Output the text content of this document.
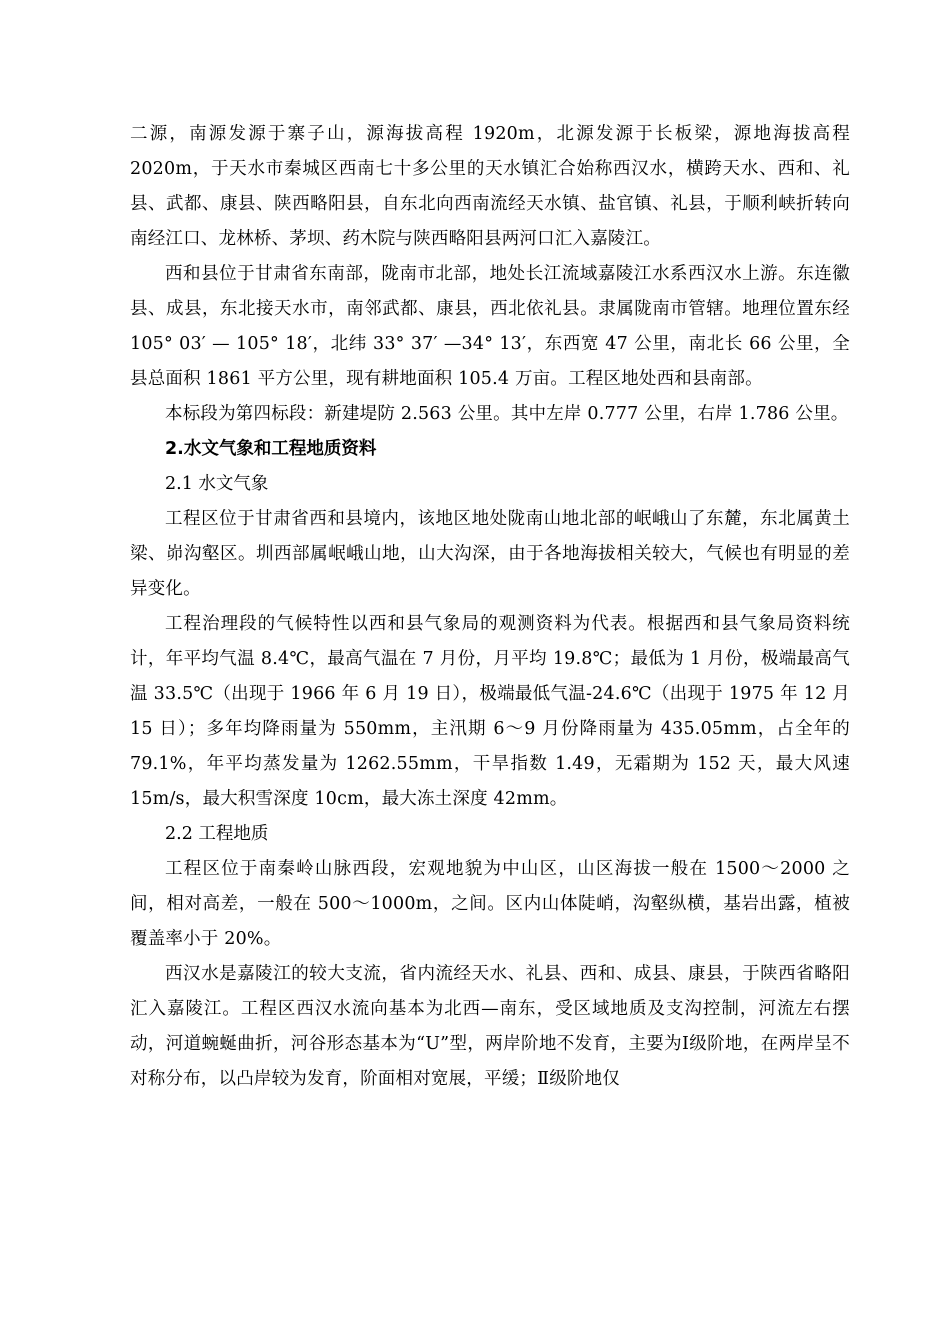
二源，南源发源于寨子山，源海拔高程 1920m，北源发源于长板梁，源地海拔高程 2020m，于天水市秦城区西南七十多公里的天水镇汇合始称西汉水，横跨天水、西和、礼县、武都、康县、陕西略阳县，自东北向西南流经天水镇、盐官镇、礼县，于顺利峡折转向南经江口、龙林桥、茅坝、药木院与陕西略阳县两河口汇入嘉陵江。

西和县位于甘肃省东南部，陇南市北部，地处长江流域嘉陵江水系西汉水上游。东连徽县、成县，东北接天水市，南邻武都、康县，西北依礼县。隶属陇南市管辖。地理位置东经 105° 03′ — 105° 18′，北纬 33° 37′ —34° 13′，东西宽 47 公里，南北长 66 公里，全县总面积 1861 平方公里，现有耕地面积 105.4 万亩。工程区地处西和县南部。

本标段为第四标段：新建堤防 2.563 公里。其中左岸 0.777 公里，右岸 1.786 公里。

2.水文气象和工程地质资料

2.1 水文气象

工程区位于甘肃省西和县境内，该地区地处陇南山地北部的岷峨山了东麓，东北属黄土梁、峁沟壑区。圳西部属岷峨山地，山大沟深，由于各地海拔相关较大，气候也有明显的差异变化。

工程治理段的气候特性以西和县气象局的观测资料为代表。根据西和县气象局资料统计，年平均气温 8.4℃，最高气温在 7 月份，月平均 19.8℃；最低为 1 月份，极端最高气温 33.5℃（出现于 1966 年 6 月 19 日），极端最低气温-24.6℃（出现于 1975 年 12 月 15 日）；多年均降雨量为 550mm，主汛期 6～9 月份降雨量为 435.05mm，占全年的 79.1%，年平均蒸发量为 1262.55mm，干旱指数 1.49，无霜期为 152 天，最大风速 15m/s，最大积雪深度 10cm，最大冻土深度 42mm。

2.2 工程地质

工程区位于南秦岭山脉西段，宏观地貌为中山区，山区海拔一般在 1500～2000 之间，相对高差，一般在 500～1000m，之间。区内山体陡峭，沟壑纵横，基岩出露，植被覆盖率小于 20%。

西汉水是嘉陵江的较大支流，省内流经天水、礼县、西和、成县、康县，于陕西省略阳汇入嘉陵江。工程区西汉水流向基本为北西—南东，受区域地质及支沟控制，河流左右摆动，河道蜿蜒曲折，河谷形态基本为“U”型，两岸阶地不发育，主要为Ⅰ级阶地，在两岸呈不对称分布，以凸岸较为发育，阶面相对宽展，平缓；Ⅱ级阶地仅
